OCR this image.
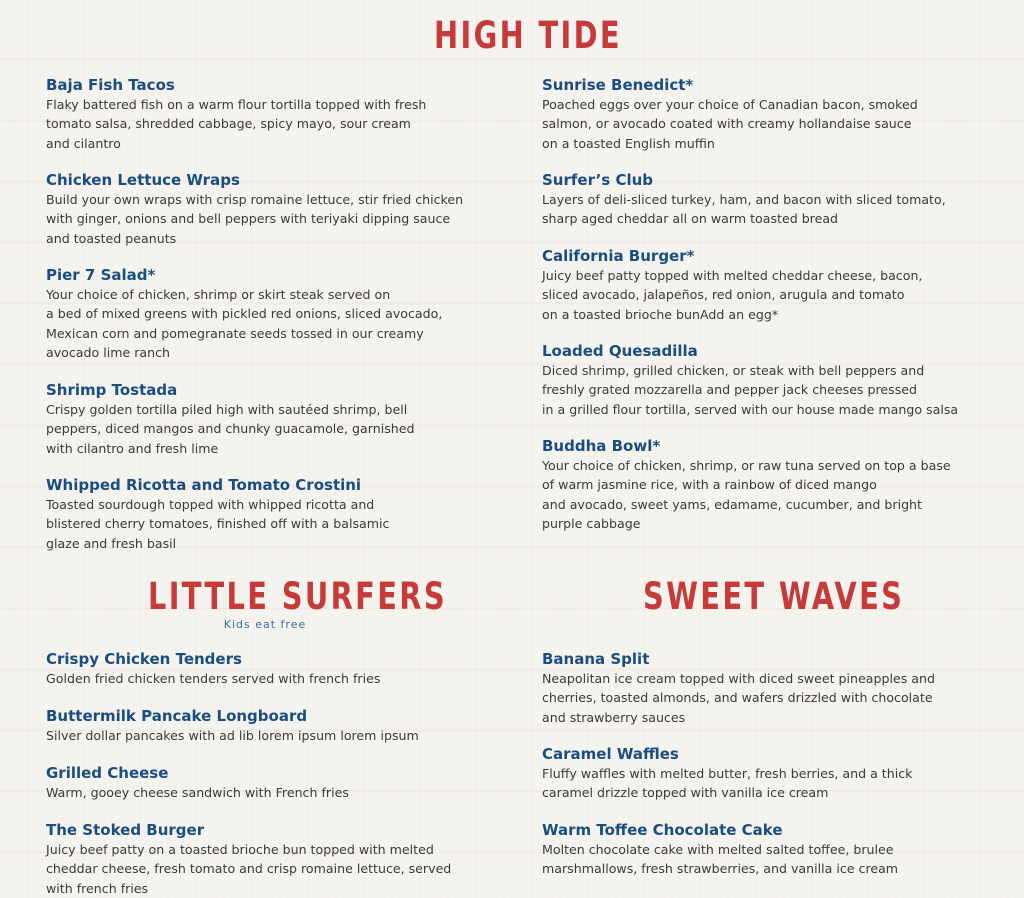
HIGH TIDE
LITTLE SURFERS

Kids eat free

SWEET WAVES
Baja Fish Tacos

Flaky battered fish on a warm flour tortilla topped with fresh
tomato salsa, shredded cabbage, spicy mayo, sour cream
and cilantro

Chicken Lettuce Wraps

Build your own wraps with crisp romaine lettuce, stir fried chicken
with ginger, onions and bell peppers with teriyaki dipping sauce
and toasted peanuts

Pier 7 Salad*

Your choice of chicken, shrimp or skirt steak served on
a bed of mixed greens with pickled red onions, sliced avocado,
Mexican corn and pomegranate seeds tossed in our creamy
avocado lime ranch

Shrimp Tostada

Crispy golden tortilla piled high with sautéed shrimp, bell
peppers, diced mangos and chunky guacamole, garnished
with cilantro and fresh lime

Whipped Ricotta and Tomato Crostini

Toasted sourdough topped with whipped ricotta and
blistered cherry tomatoes, finished off with a balsamic
glaze and fresh basil

Sunrise Benedict*

Poached eggs over your choice of Canadian bacon, smoked
salmon, or avocado coated with creamy hollandaise sauce
on a toasted English muffin

Surfer’s Club

Layers of deli-sliced turkey, ham, and bacon with sliced tomato,
sharp aged cheddar all on warm toasted bread

California Burger*

Juicy beef patty topped with melted cheddar cheese, bacon,
sliced avocado, jalapeños, red onion, arugula and tomato
on a toasted brioche bunAdd an egg*

Loaded Quesadilla

Diced shrimp, grilled chicken, or steak with bell peppers and
freshly grated mozzarella and pepper jack cheeses pressed
in a grilled flour tortilla, served with our house made mango salsa

Buddha Bowl*

Your choice of chicken, shrimp, or raw tuna served on top a base
of warm jasmine rice, with a rainbow of diced mango
and avocado, sweet yams, edamame, cucumber, and bright
purple cabbage

Crispy Chicken Tenders

Golden fried chicken tenders served with french fries

Buttermilk Pancake Longboard

Silver dollar pancakes with ad lib lorem ipsum lorem ipsum

Grilled Cheese

Warm, gooey cheese sandwich with French fries

The Stoked Burger

Juicy beef patty on a toasted brioche bun topped with melted
cheddar cheese, fresh tomato and crisp romaine lettuce, served
with french fries

Banana Split

Neapolitan ice cream topped with diced sweet pineapples and
cherries, toasted almonds, and wafers drizzled with chocolate
and strawberry sauces

Caramel Waffles

Fluffy waffles with melted butter, fresh berries, and a thick
caramel drizzle topped with vanilla ice cream

Warm Toffee Chocolate Cake

Molten chocolate cake with melted salted toffee, brulee
marshmallows, fresh strawberries, and vanilla ice cream
